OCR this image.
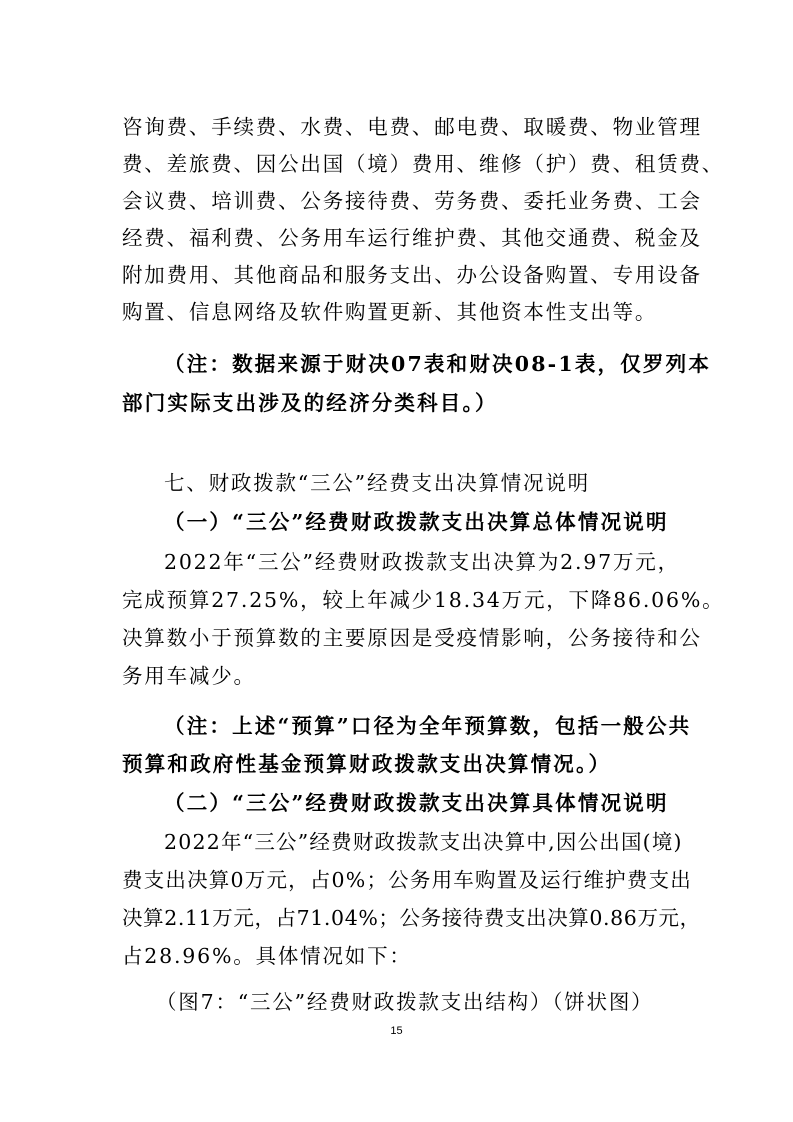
咨询费、手续费、水费、电费、邮电费、取暖费、物业管理
费、差旅费、因公出国（境）费用、维修（护）费、租赁费、
会议费、培训费、公务接待费、劳务费、委托业务费、工会
经费、福利费、公务用车运行维护费、其他交通费、税金及
附加费用、其他商品和服务支出、办公设备购置、专用设备
购置、信息网络及软件购置更新、其他资本性支出等。
（注：数据来源于财决07表和财决08-1表，仅罗列本
部门实际支出涉及的经济分类科目。）
七、财政拨款“三公”经费支出决算情况说明
（一）“三公”经费财政拨款支出决算总体情况说明
2022年“三公”经费财政拨款支出决算为2.97万元，
完成预算27.25%，较上年减少18.34万元，下降86.06%。
决算数小于预算数的主要原因是受疫情影响，公务接待和公
务用车减少。
（注：上述“预算”口径为全年预算数，包括一般公共
预算和政府性基金预算财政拨款支出决算情况。）
（二）“三公”经费财政拨款支出决算具体情况说明
2022年“三公”经费财政拨款支出决算中,因公出国(境)
费支出决算0万元，占0%；公务用车购置及运行维护费支出
决算2.11万元，占71.04%；公务接待费支出决算0.86万元，
占28.96%。具体情况如下：
（图7：“三公”经费财政拨款支出结构）（饼状图）
15
